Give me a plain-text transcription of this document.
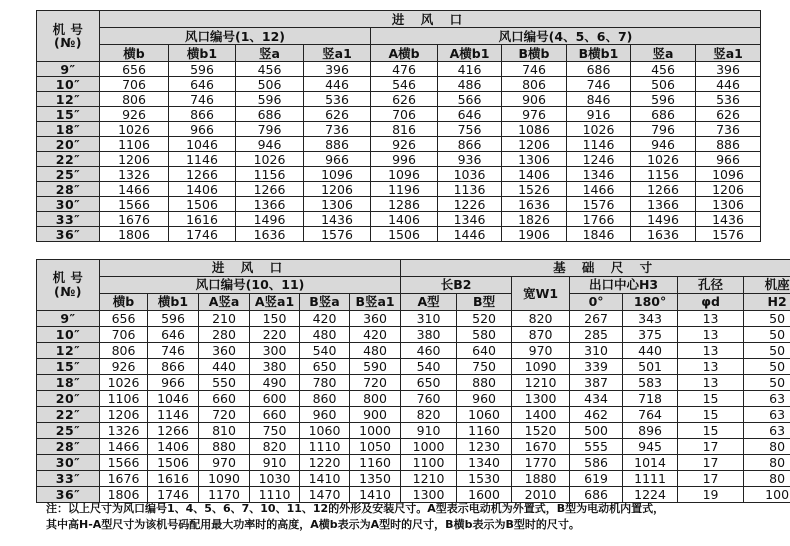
机 号
(№)	进 风 口									
	风口编号(1、12)				风口编号(4、5、6、7)					
	横b	横b1	竖a	竖a1	A横b	A横b1	B横b	B横b1	竖a	竖a1
9″	656	596	456	396	476	416	746	686	456	396
10″	706	646	506	446	546	486	806	746	506	446
12″	806	746	596	536	626	566	906	846	596	536
15″	926	866	686	626	706	646	976	916	686	626
18″	1026	966	796	736	816	756	1086	1026	796	736
20″	1106	1046	946	886	926	866	1206	1146	946	886
22″	1206	1146	1026	966	996	936	1306	1246	1026	966
25″	1326	1266	1156	1096	1096	1036	1406	1346	1156	1096
28″	1466	1406	1266	1206	1196	1136	1526	1466	1266	1206
30″	1566	1506	1366	1306	1286	1226	1636	1576	1366	1306
33″	1676	1616	1496	1436	1406	1346	1826	1766	1496	1436
36″	1806	1746	1636	1576	1506	1446	1906	1846	1636	1576
机 号
(№)	进 风 口						基 础 尺 寸						
	风口编号(10、11)						长B2		宽W1	出口中心H3		孔径	机座
	横b	横b1	A竖a	A竖a1	B竖a	B竖a1	A型	B型		0°	180°	φd	H2
9″	656	596	210	150	420	360	310	520	820	267	343	13	50
10″	706	646	280	220	480	420	380	580	870	285	375	13	50
12″	806	746	360	300	540	480	460	640	970	310	440	13	50
15″	926	866	440	380	650	590	540	750	1090	339	501	13	50
18″	1026	966	550	490	780	720	650	880	1210	387	583	13	50
20″	1106	1046	660	600	860	800	760	960	1300	434	718	15	63
22″	1206	1146	720	660	960	900	820	1060	1400	462	764	15	63
25″	1326	1266	810	750	1060	1000	910	1160	1520	500	896	15	63
28″	1466	1406	880	820	1110	1050	1000	1230	1670	555	945	17	80
30″	1566	1506	970	910	1220	1160	1100	1340	1770	586	1014	17	80
33″	1676	1616	1090	1030	1410	1350	1210	1530	1880	619	1111	17	80
36″	1806	1746	1170	1110	1470	1410	1300	1600	2010	686	1224	19	100
注：以上尺寸为风口编号1、4、5、6、7、10、11、12的外形及安装尺寸。A型表示电动机为外置式，B型为电动机内置式，
其中高H-A型尺寸为该机号码配用最大功率时的高度，A横b表示为A型时的尺寸，B横b表示为B型时的尺寸。
